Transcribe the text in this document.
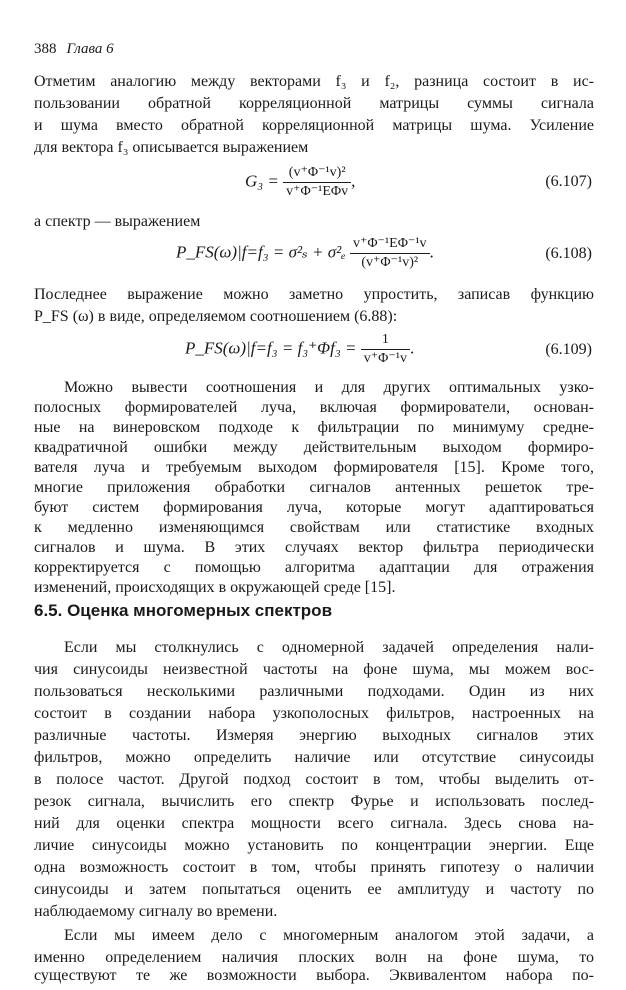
388 Глава 6
Отметим аналогию между векторами f₃ и f₂, разница состоит в ис-
пользовании обратной корреляционной матрицы суммы сигнала
и шума вместо обратной корреляционной матрицы шума. Усиление
для вектора f₃ описывается выражением
$G_3 = \frac{\text{(v⁺Φ⁻¹v)²}}{\text{v⁺Φ⁻¹EΦv}}$ ,	(6.107)
а спектр — выражением
P_FS(ω)|f=f₃ = $\sigma^2_s + \sigma^2_e \frac{\text{v⁺Φ⁻¹EΦ⁻¹v}}{\text{(v⁺Φ⁻¹v)²}}$ .	(6.108)
Последнее выражение можно заметно упростить, записав функцию
P_FS (ω) в виде, определяемом соотношением (6.88):
P_FS(ω)|f=f₃ = $f_3^+\Phi f_3 = \frac{1}{\text{v⁺Φ⁻¹v}}$ .	(6.109)
Можно вывести соотношения и для других оптимальных узко-
полосных формирователей луча, включая формирователи, основан-
ные на винеровском подходе к фильтрации по минимуму средне-
квадратичной ошибки между действительным выходом формиро-
вателя луча и требуемым выходом формирователя [15]. Кроме того,
многие приложения обработки сигналов антенных решеток тре-
буют систем формирования луча, которые могут адаптироваться
к медленно изменяющимся свойствам или статистике входных
сигналов и шума. В этих случаях вектор фильтра периодически
корректируется с помощью алгоритма адаптации для отражения
6.5. Оценка многомерных спектров
Если мы столкнулись с одномерной задачей определения нали-
чия синусоиды неизвестной частоты на фоне шума, мы можем вос-
пользоваться несколькими различными подходами. Один из них
состоит в создании набора узкополосных фильтров, настроенных на
различные частоты. Измеряя энергию выходных сигналов этих
фильтров, можно определить наличие или отсутствие синусоиды
в полосе частот. Другой подход состоит в том, чтобы выделить от-
резок сигнала, вычислить его спектр Фурье и использовать послед-
ний для оценки спектра мощности всего сигнала. Здесь снова на-
личие синусоиды можно установить по концентрации энергии. Еще
одна возможность состоит в том, чтобы принять гипотезу о наличии
синусоиды и затем попытаться оценить ее амплитуду и частоту по
наблюдаемому сигналу во времени.
Если мы имеем дело с многомерным аналогом этой задачи, а
именно определением наличия плоских волн на фоне шума, то
существуют те же возможности выбора. Эквивалентом набора по-
изменений, происходящих в окружающей среде [15].
